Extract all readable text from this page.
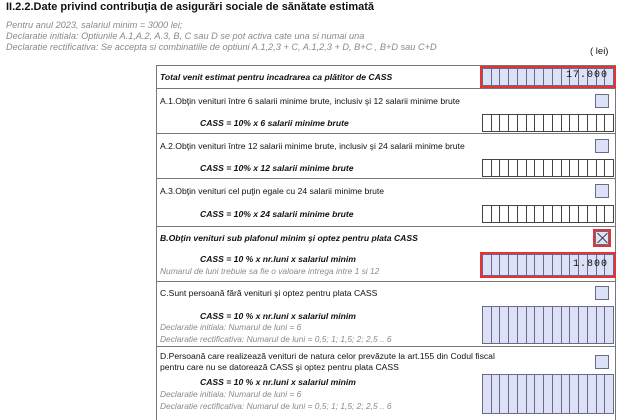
II.2.2.Date privind contribuţia de asigurări sociale de sănătate estimată
Pentru anul 2023, salariul minim = 3000 lei;
Declaratie initiala: Optiunile A.1,A.2, A.3, B, C sau D se pot activa cate una si numai una
Declaratie rectificativa: Se accepta si combinatiile de optiuni A.1,2,3 + C, A.1,2,3 + D, B+C , B+D sau C+D	( lei)
Total venit estimat pentru incadrarea ca plătitor de CASS	17.000
A.1.Obţin venituri între 6 salarii minime brute, inclusiv şi 12 salarii minime brute
CASS = 10% x 6 salarii minime brute
A.2.Obţin venituri între 12 salarii minime brute, inclusiv şi 24 salarii minime brute
CASS = 10% x 12 salarii minime brute
A.3.Obţin venituri cel puţin egale cu 24 salarii minime brute
CASS = 10% x 24 salarii minime brute
B.Obţin venituri sub plafonul minim şi optez pentru plata CASS
CASS = 10 % x nr.luni x salariul minim
Numarul de luni trebuie sa fie o valoare intrega intre 1 si 12
1.800
C.Sunt persoană fără venituri şi optez pentru plata CASS
CASS = 10 % x nr.luni x salariul minim
Declaratie initiala: Numarul de luni = 6
Declaratie rectificativa: Numarul de luni = 0,5; 1; 1,5; 2; 2,5 .. 6
D.Persoană care realizează venituri de natura celor prevăzute la art.155 din Codul fiscal
pentru care nu se datorează CASS şi optez pentru plata CASS
CASS = 10 % x nr.luni x salariul minim
Declaratie initiala: Numarul de luni = 6
Declaratie rectificativa: Numarul de luni = 0,5; 1; 1,5; 2; 2,5 .. 6
